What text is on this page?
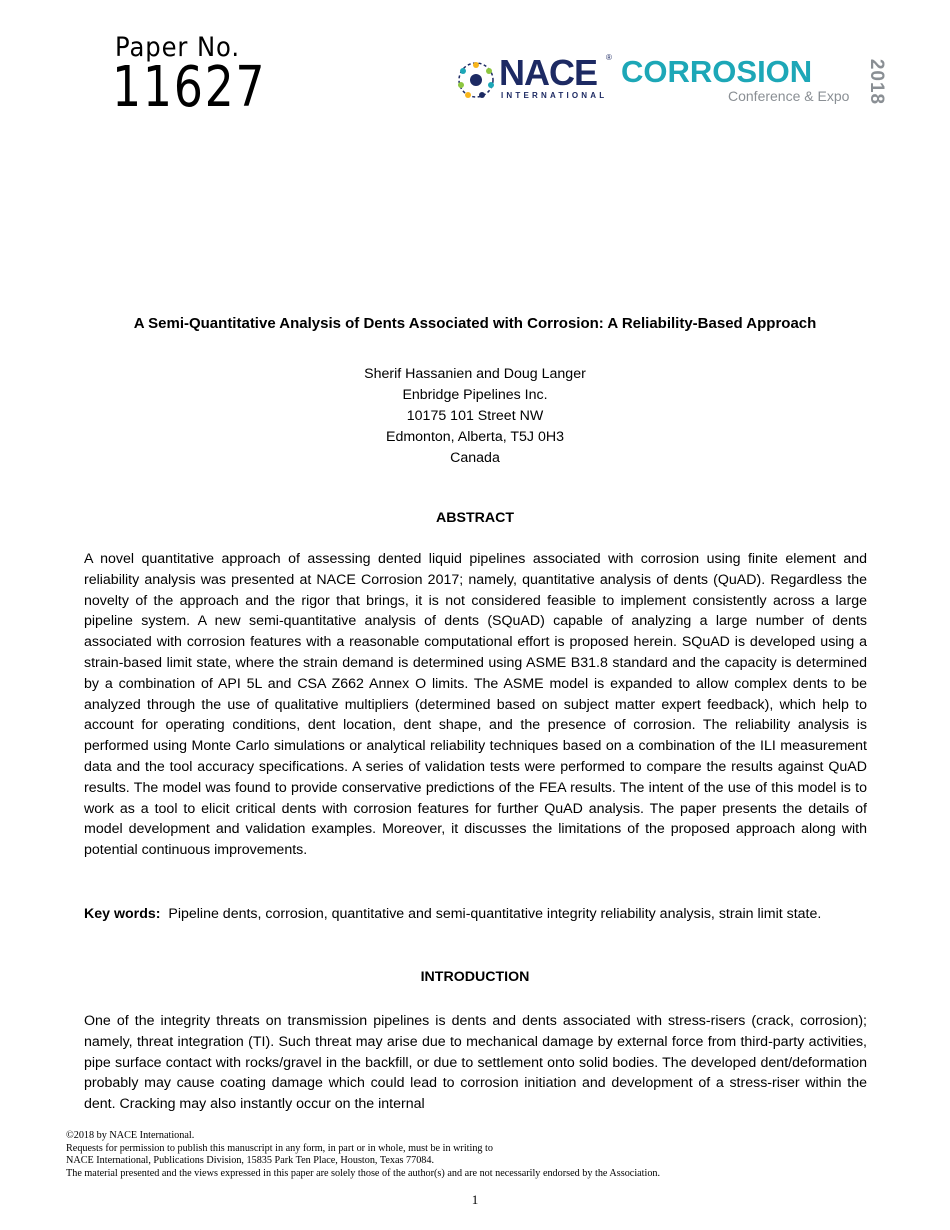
Paper No.
11627	NACE ®
INTERNATIONAL
CORROSION
Conference & Expo 2018
A Semi-Quantitative Analysis of Dents Associated with Corrosion: A Reliability-Based Approach
Sherif Hassanien and Doug Langer
Enbridge Pipelines Inc.
10175 101 Street NW
Edmonton, Alberta, T5J 0H3
Canada
ABSTRACT
A novel quantitative approach of assessing dented liquid pipelines associated with corrosion using finite element and reliability analysis was presented at NACE Corrosion 2017; namely, quantitative analysis of dents (QuAD). Regardless the novelty of the approach and the rigor that brings, it is not considered feasible to implement consistently across a large pipeline system. A new semi-quantitative analysis of dents (SQuAD) capable of analyzing a large number of dents associated with corrosion features with a reasonable computational effort is proposed herein. SQuAD is developed using a strain-based limit state, where the strain demand is determined using ASME B31.8 standard and the capacity is determined by a combination of API 5L and CSA Z662 Annex O limits. The ASME model is expanded to allow complex dents to be analyzed through the use of qualitative multipliers (determined based on subject matter expert feedback), which help to account for operating conditions, dent location, dent shape, and the presence of corrosion. The reliability analysis is performed using Monte Carlo simulations or analytical reliability techniques based on a combination of the ILI measurement data and the tool accuracy specifications. A series of validation tests were performed to compare the results against QuAD results. The model was found to provide conservative predictions of the FEA results. The intent of the use of this model is to work as a tool to elicit critical dents with corrosion features for further QuAD analysis. The paper presents the details of model development and validation examples. Moreover, it discusses the limitations of the proposed approach along with potential continuous improvements.
Key words: Pipeline dents, corrosion, quantitative and semi-quantitative integrity reliability analysis, strain limit state.
INTRODUCTION
One of the integrity threats on transmission pipelines is dents and dents associated with stress-risers (crack, corrosion); namely, threat integration (TI). Such threat may arise due to mechanical damage by external force from third-party activities, pipe surface contact with rocks/gravel in the backfill, or due to settlement onto solid bodies. The developed dent/deformation probably may cause coating damage which could lead to corrosion initiation and development of a stress-riser within the dent. Cracking may also instantly occur on the internal
©2018 by NACE International.
Requests for permission to publish this manuscript in any form, in part or in whole, must be in writing to
NACE International, Publications Division, 15835 Park Ten Place, Houston, Texas 77084.
The material presented and the views expressed in this paper are solely those of the author(s) and are not necessarily endorsed by the Association.
1
